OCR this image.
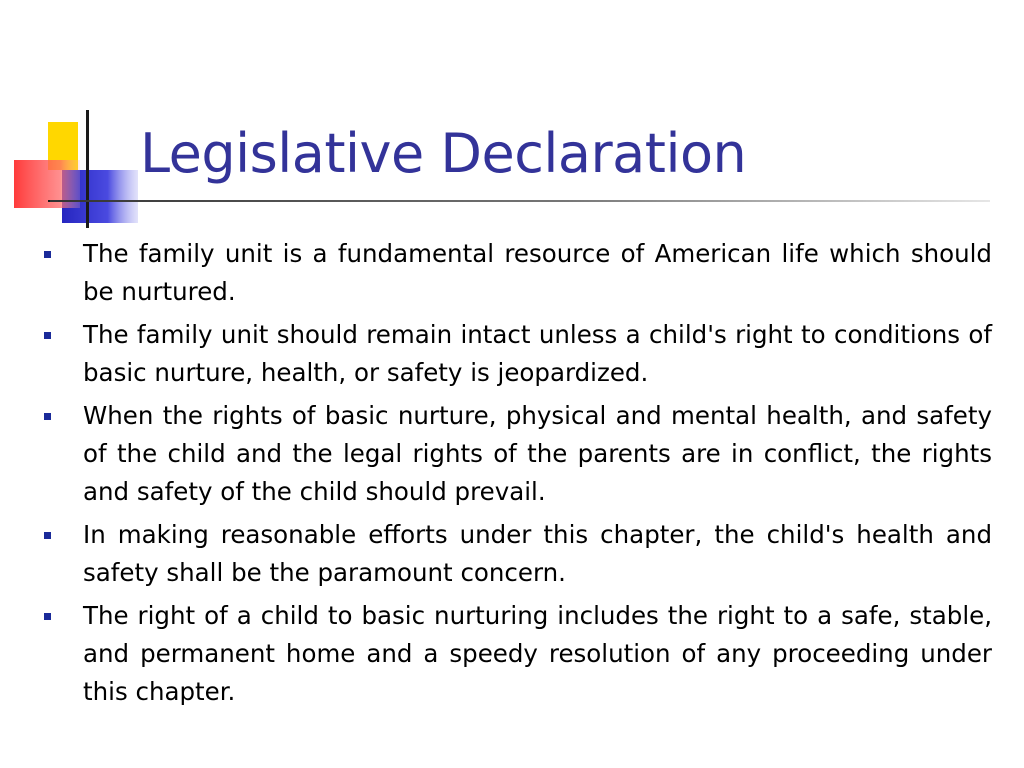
Legislative Declaration
The family unit is a fundamental resource of American life which should be nurtured.
The family unit should remain intact unless a child's right to conditions of basic nurture, health, or safety is jeopardized.
When the rights of basic nurture, physical and mental health, and safety of the child and the legal rights of the parents are in conflict, the rights and safety of the child should prevail.
In making reasonable efforts under this chapter, the child's health and safety shall be the paramount concern.
The right of a child to basic nurturing includes the right to a safe, stable, and permanent home and a speedy resolution of any proceeding under this chapter.
